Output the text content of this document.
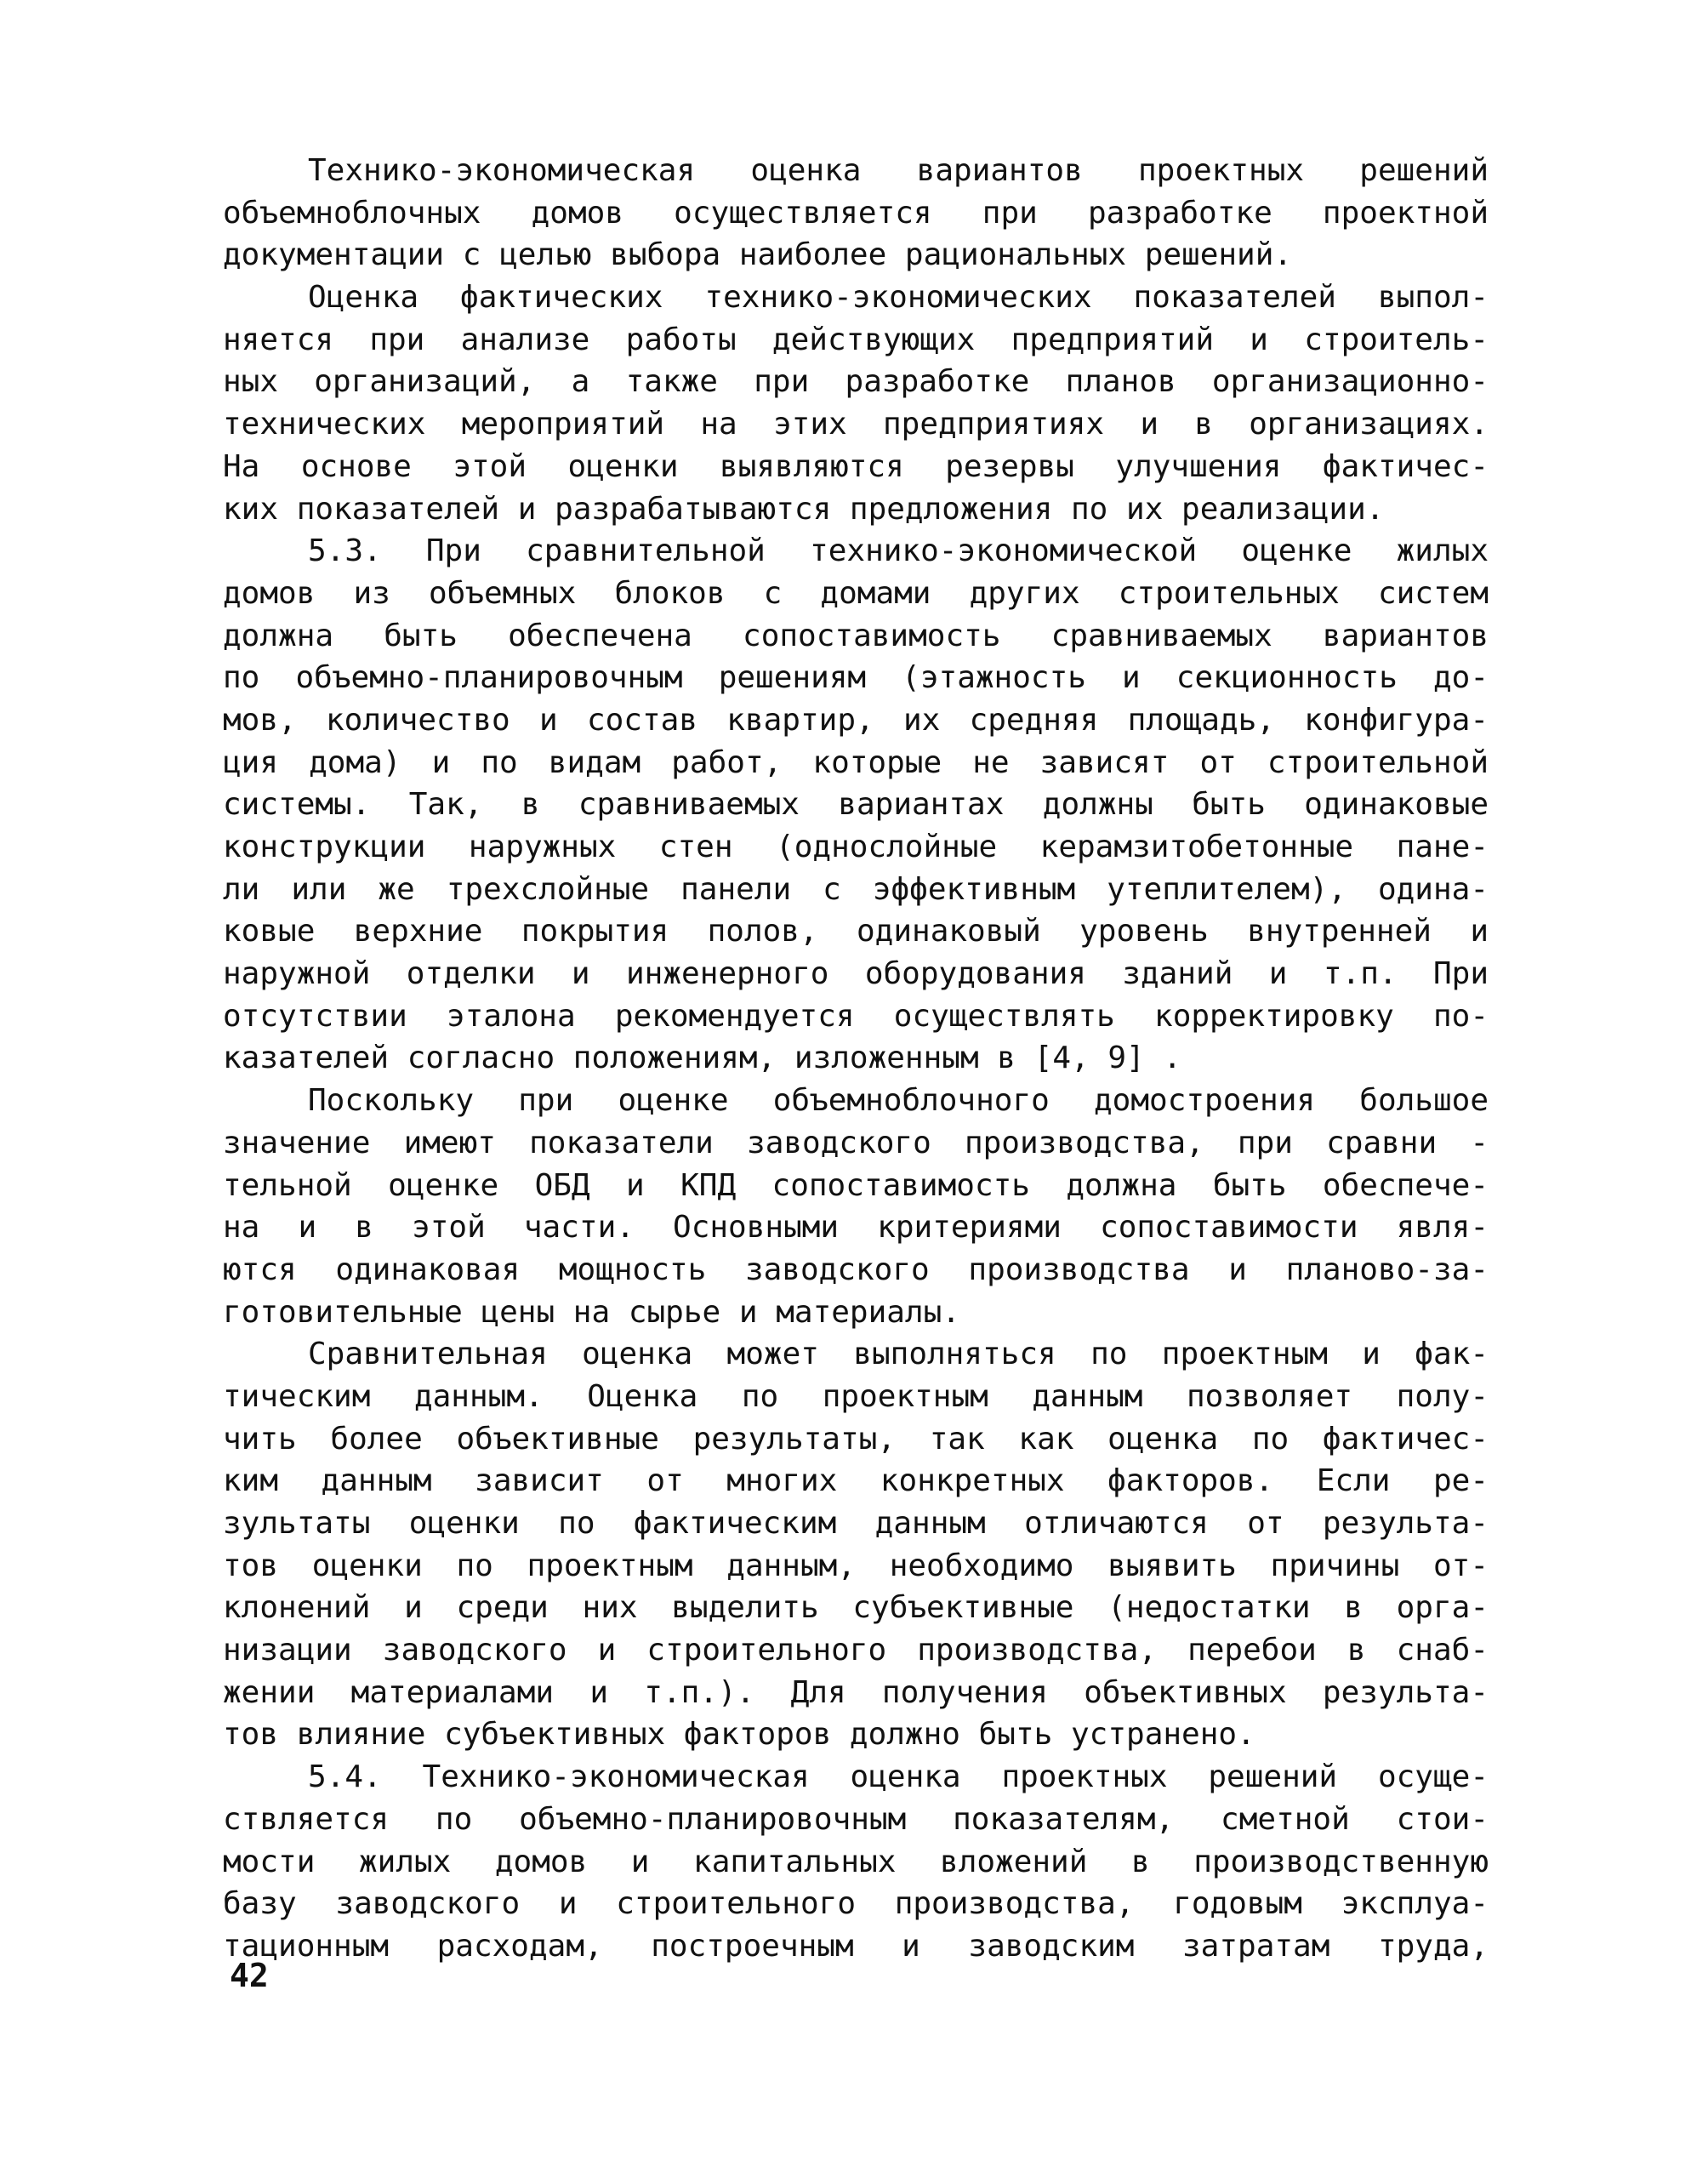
Технико-экономическая оценка вариантов проектных решений
объемноблочных домов осуществляется при разработке проектной
документации с целью выбора наиболее рациональных решений.
Оценка фактических технико-экономических показателей выпол-
няется при анализе работы действующих предприятий и строитель-
ных организаций, а также при разработке планов организационно-
технических мероприятий на этих предприятиях и в организациях.
На основе этой оценки выявляются резервы улучшения фактичес-
ких показателей и разрабатываются предложения по их реализации.
5.3. При сравнительной технико-экономической оценке жилых
домов из объемных блоков с домами других строительных систем
должна быть обеспечена сопоставимость сравниваемых вариантов
по объемно-планировочным решениям (этажность и секционность до-
мов, количество и состав квартир, их средняя площадь, конфигура-
ция дома) и по видам работ, которые не зависят от строительной
системы. Так, в сравниваемых вариантах должны быть одинаковые
конструкции наружных стен (однослойные керамзитобетонные пане-
ли или же трехслойные панели с эффективным утеплителем), одина-
ковые верхние покрытия полов, одинаковый уровень внутренней и
наружной отделки и инженерного оборудования зданий и т.п. При
отсутствии эталона рекомендуется осуществлять корректировку по-
казателей согласно положениям, изложенным в [4, 9] .
Поскольку при оценке объемноблочного домостроения большое
значение имеют показатели заводского производства, при сравни -
тельной оценке ОБД и КПД сопоставимость должна быть обеспече-
на и в этой части. Основными критериями сопоставимости явля-
ются одинаковая мощность заводского производства и планово-за-
готовительные цены на сырье и материалы.
Сравнительная оценка может выполняться по проектным и фак-
тическим данным. Оценка по проектным данным позволяет полу-
чить более объективные результаты, так как оценка по фактичес-
ким данным зависит от многих конкретных факторов. Если ре-
зультаты оценки по фактическим данным отличаются от результа-
тов оценки по проектным данным, необходимо выявить причины от-
клонений и среди них выделить субъективные (недостатки в орга-
низации заводского и строительного производства, перебои в снаб-
жении материалами и т.п.). Для получения объективных результа-
тов влияние субъективных факторов должно быть устранено.
5.4. Технико-экономическая оценка проектных решений осуще-
ствляется по объемно-планировочным показателям, сметной стои-
мости жилых домов и капитальных вложений в производственную
базу заводского и строительного производства, годовым эксплуа-
тационным расходам, построечным и заводским затратам труда,
42
